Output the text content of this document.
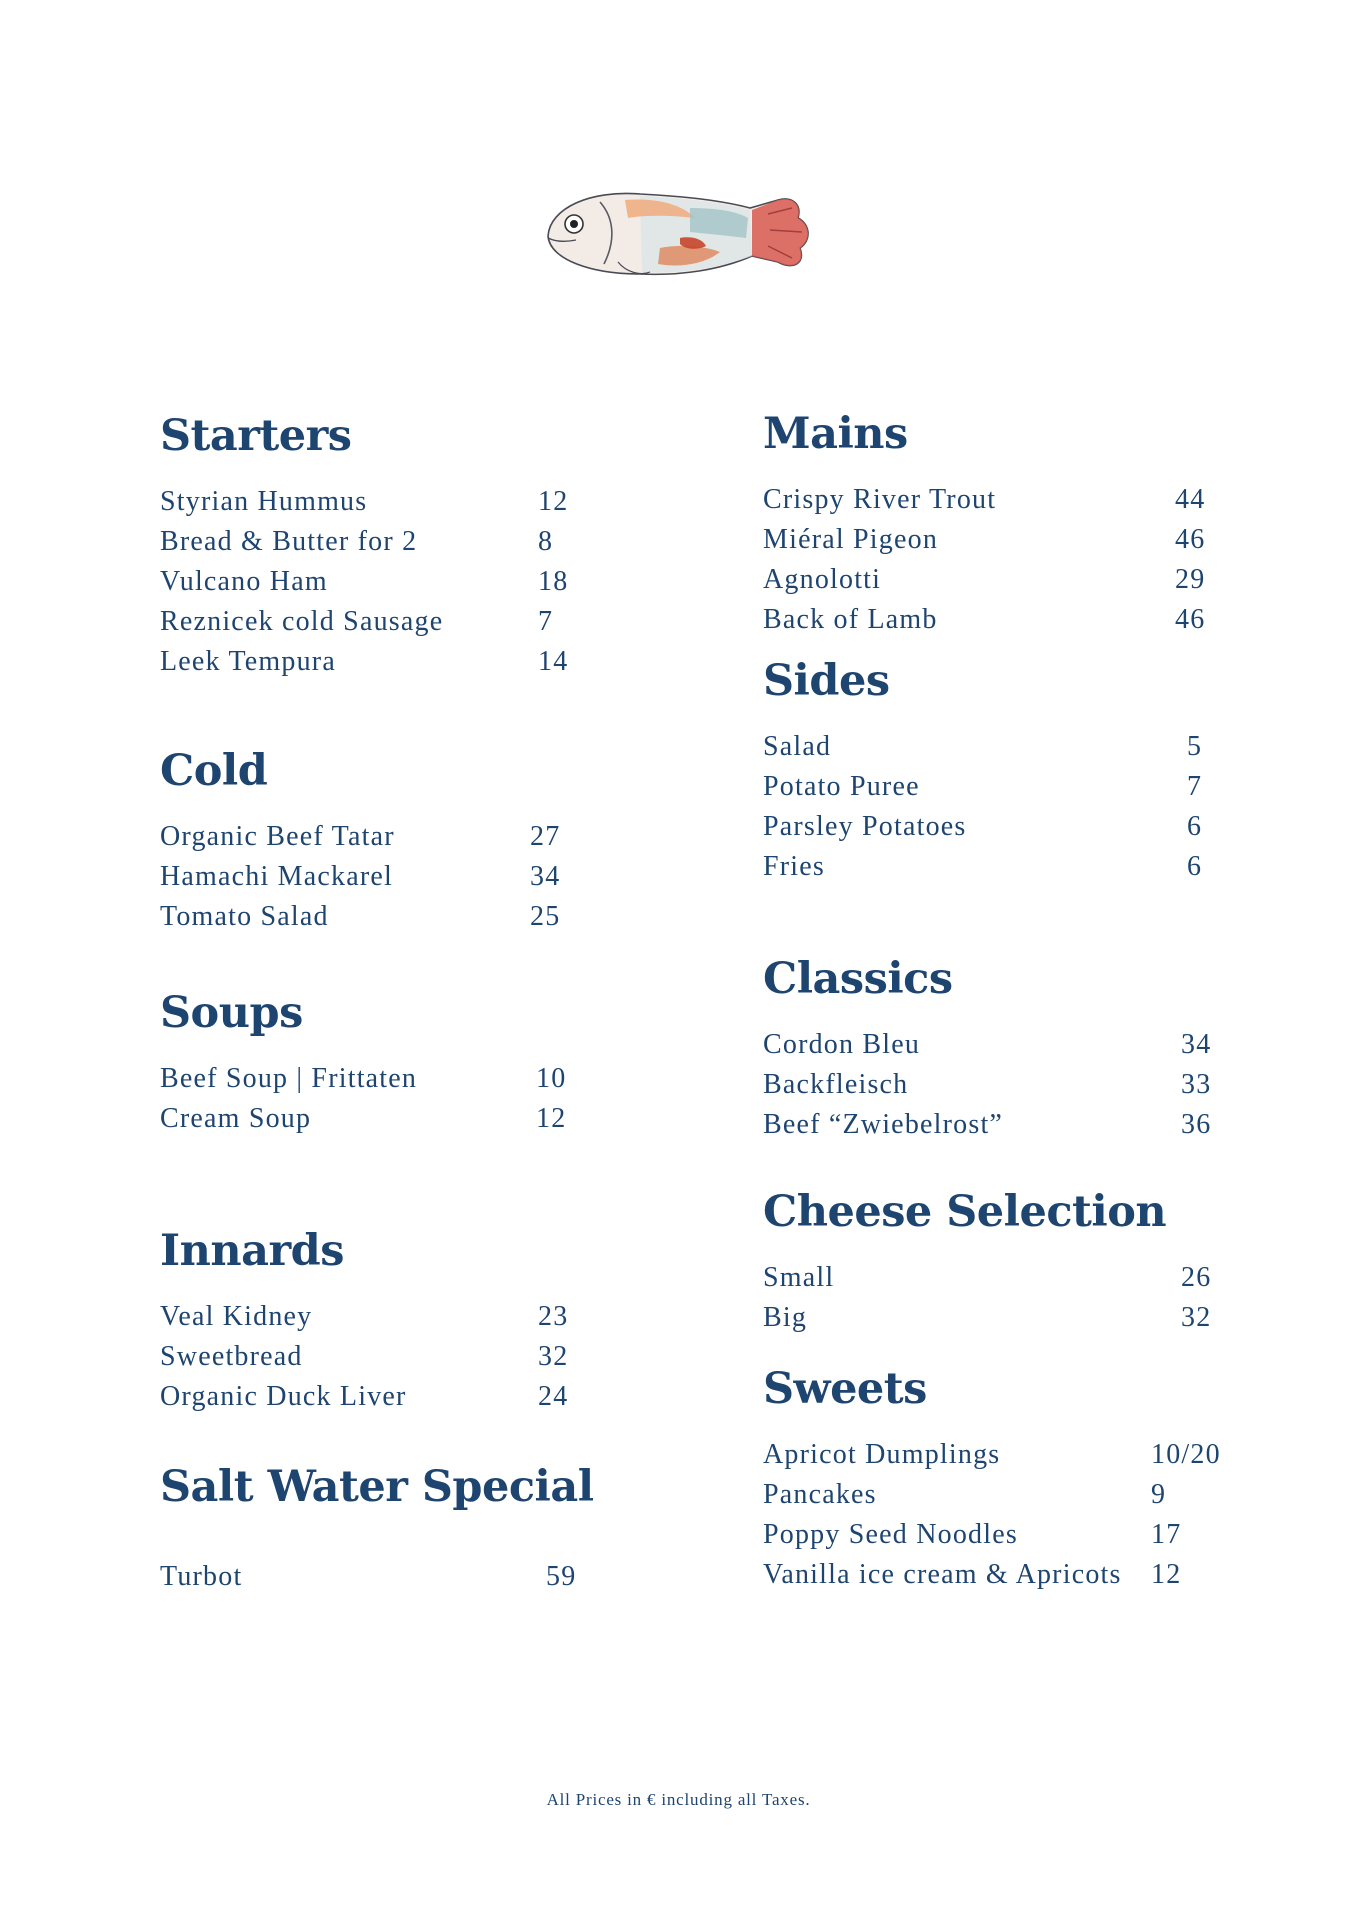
Starters
Styrian Hummus	12
Bread & Butter for 2	8
Vulcano Ham	18
Reznicek cold Sausage	7
Leek Tempura	14
Cold
Organic Beef Tatar	27
Hamachi Mackarel	34
Tomato Salad	25
Soups
Beef Soup | Frittaten	10
Cream Soup	12
Innards
Veal Kidney	23
Sweetbread	32
Organic Duck Liver	24
Salt Water Special
Turbot	59
Mains
Crispy River Trout	44
Miéral Pigeon	46
Agnolotti	29
Back of Lamb	46
Sides
Salad	5
Potato Puree	7
Parsley Potatoes	6
Fries	6
Classics
Cordon Bleu	34
Backfleisch	33
Beef “Zwiebelrost”	36
Cheese Selection
Small	26
Big	32
Sweets
Apricot Dumplings	10/20
Pancakes	9
Poppy Seed Noodles	17
Vanilla ice cream & Apricots 12
All Prices in € including all Taxes.
